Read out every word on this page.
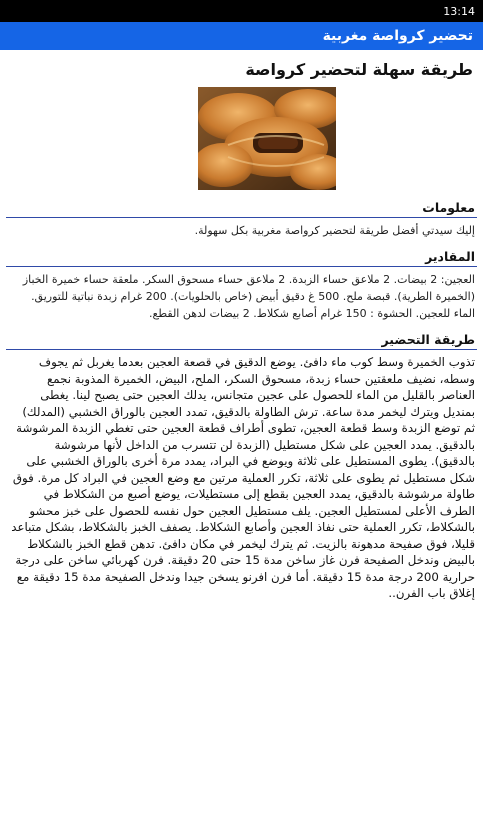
13:14
تحضير كرواصة مغربية
طريقة سهلة لتحضير كرواصة
معلومات
إليك سيدتي أفضل طريقة لتحضير كرواصة مغربية بكل سهولة.
المقادير
العجين: 2 بيضات. 2 ملاعق حساء الزبدة. 2 ملاعق حساء مسحوق السكر. ملعقة حساء خميرة الخباز (الخميرة الطرية). قبصة ملح. 500 غ دقيق أبيض (خاص بالحلويات). 200 غرام زبدة نباتية للتوريق. الماء للعجين. الحشوة : 150 غرام أصابع شكلاط. 2 بيضات لدهن القطع.
طريقة التحضير
تذوب الخميرة وسط كوب ماء دافئ. يوضع الدقيق في قصعة العجين بعدما يغربل ثم يجوف وسطه، نضيف ملعقتين حساء زبدة، مسحوق السكر، الملح، البيض، الخميرة المذوبة نجمع العناصر بالقليل من الماء للحصول على عجين متجانس، يدلك العجين حتى يصبح لينا. يغطى بمنديل ويترك ليخمر مدة ساعة. ترش الطاولة بالدقيق، تمدد العجين بالوراق الخشبي (المدلك) ثم توضع الزبدة وسط قطعة العجين، تطوى أطراف قطعة العجين حتى تغطي الزبدة المرشوشة بالدقيق. يمدد العجين على شكل مستطيل (الزبدة لن تتسرب من الداخل لأنها مرشوشة بالدقيق). يطوى المستطيل على ثلاثة ويوضع في البراد، يمدد مرة أخرى بالوراق الخشبي على شكل مستطيل ثم يطوى على ثلاثة، تكرر العملية مرتين مع وضع العجين في البراد كل مرة. فوق طاولة مرشوشة بالدقيق، يمدد العجين بقطع إلى مستطيلات، يوضع أصبع من الشكلاط في الطرف الأعلى لمستطيل العجين. يلف مستطيل العجين حول نفسه للحصول على خبز محشو بالشكلاط، تكرر العملية حتى نفاذ العجين وأصابع الشكلاط. يصفف الخبز بالشكلاط، بشكل متباعد قليلا، فوق صفيحة مدهونة بالزيت. ثم يترك ليخمر في مكان دافئ. تدهن قطع الخبز بالشكلاط بالبيض وندخل الصفيحة فرن غاز ساخن مدة 15 حتى 20 دقيقة. فرن كهربائي ساخن على درجة حرارية 200 درجة مدة 15 دقيقة. أما فرن افرنو يسخن جيدا وندخل الصفيحة مدة 15 دقيقة مع إغلاق باب الفرن..
